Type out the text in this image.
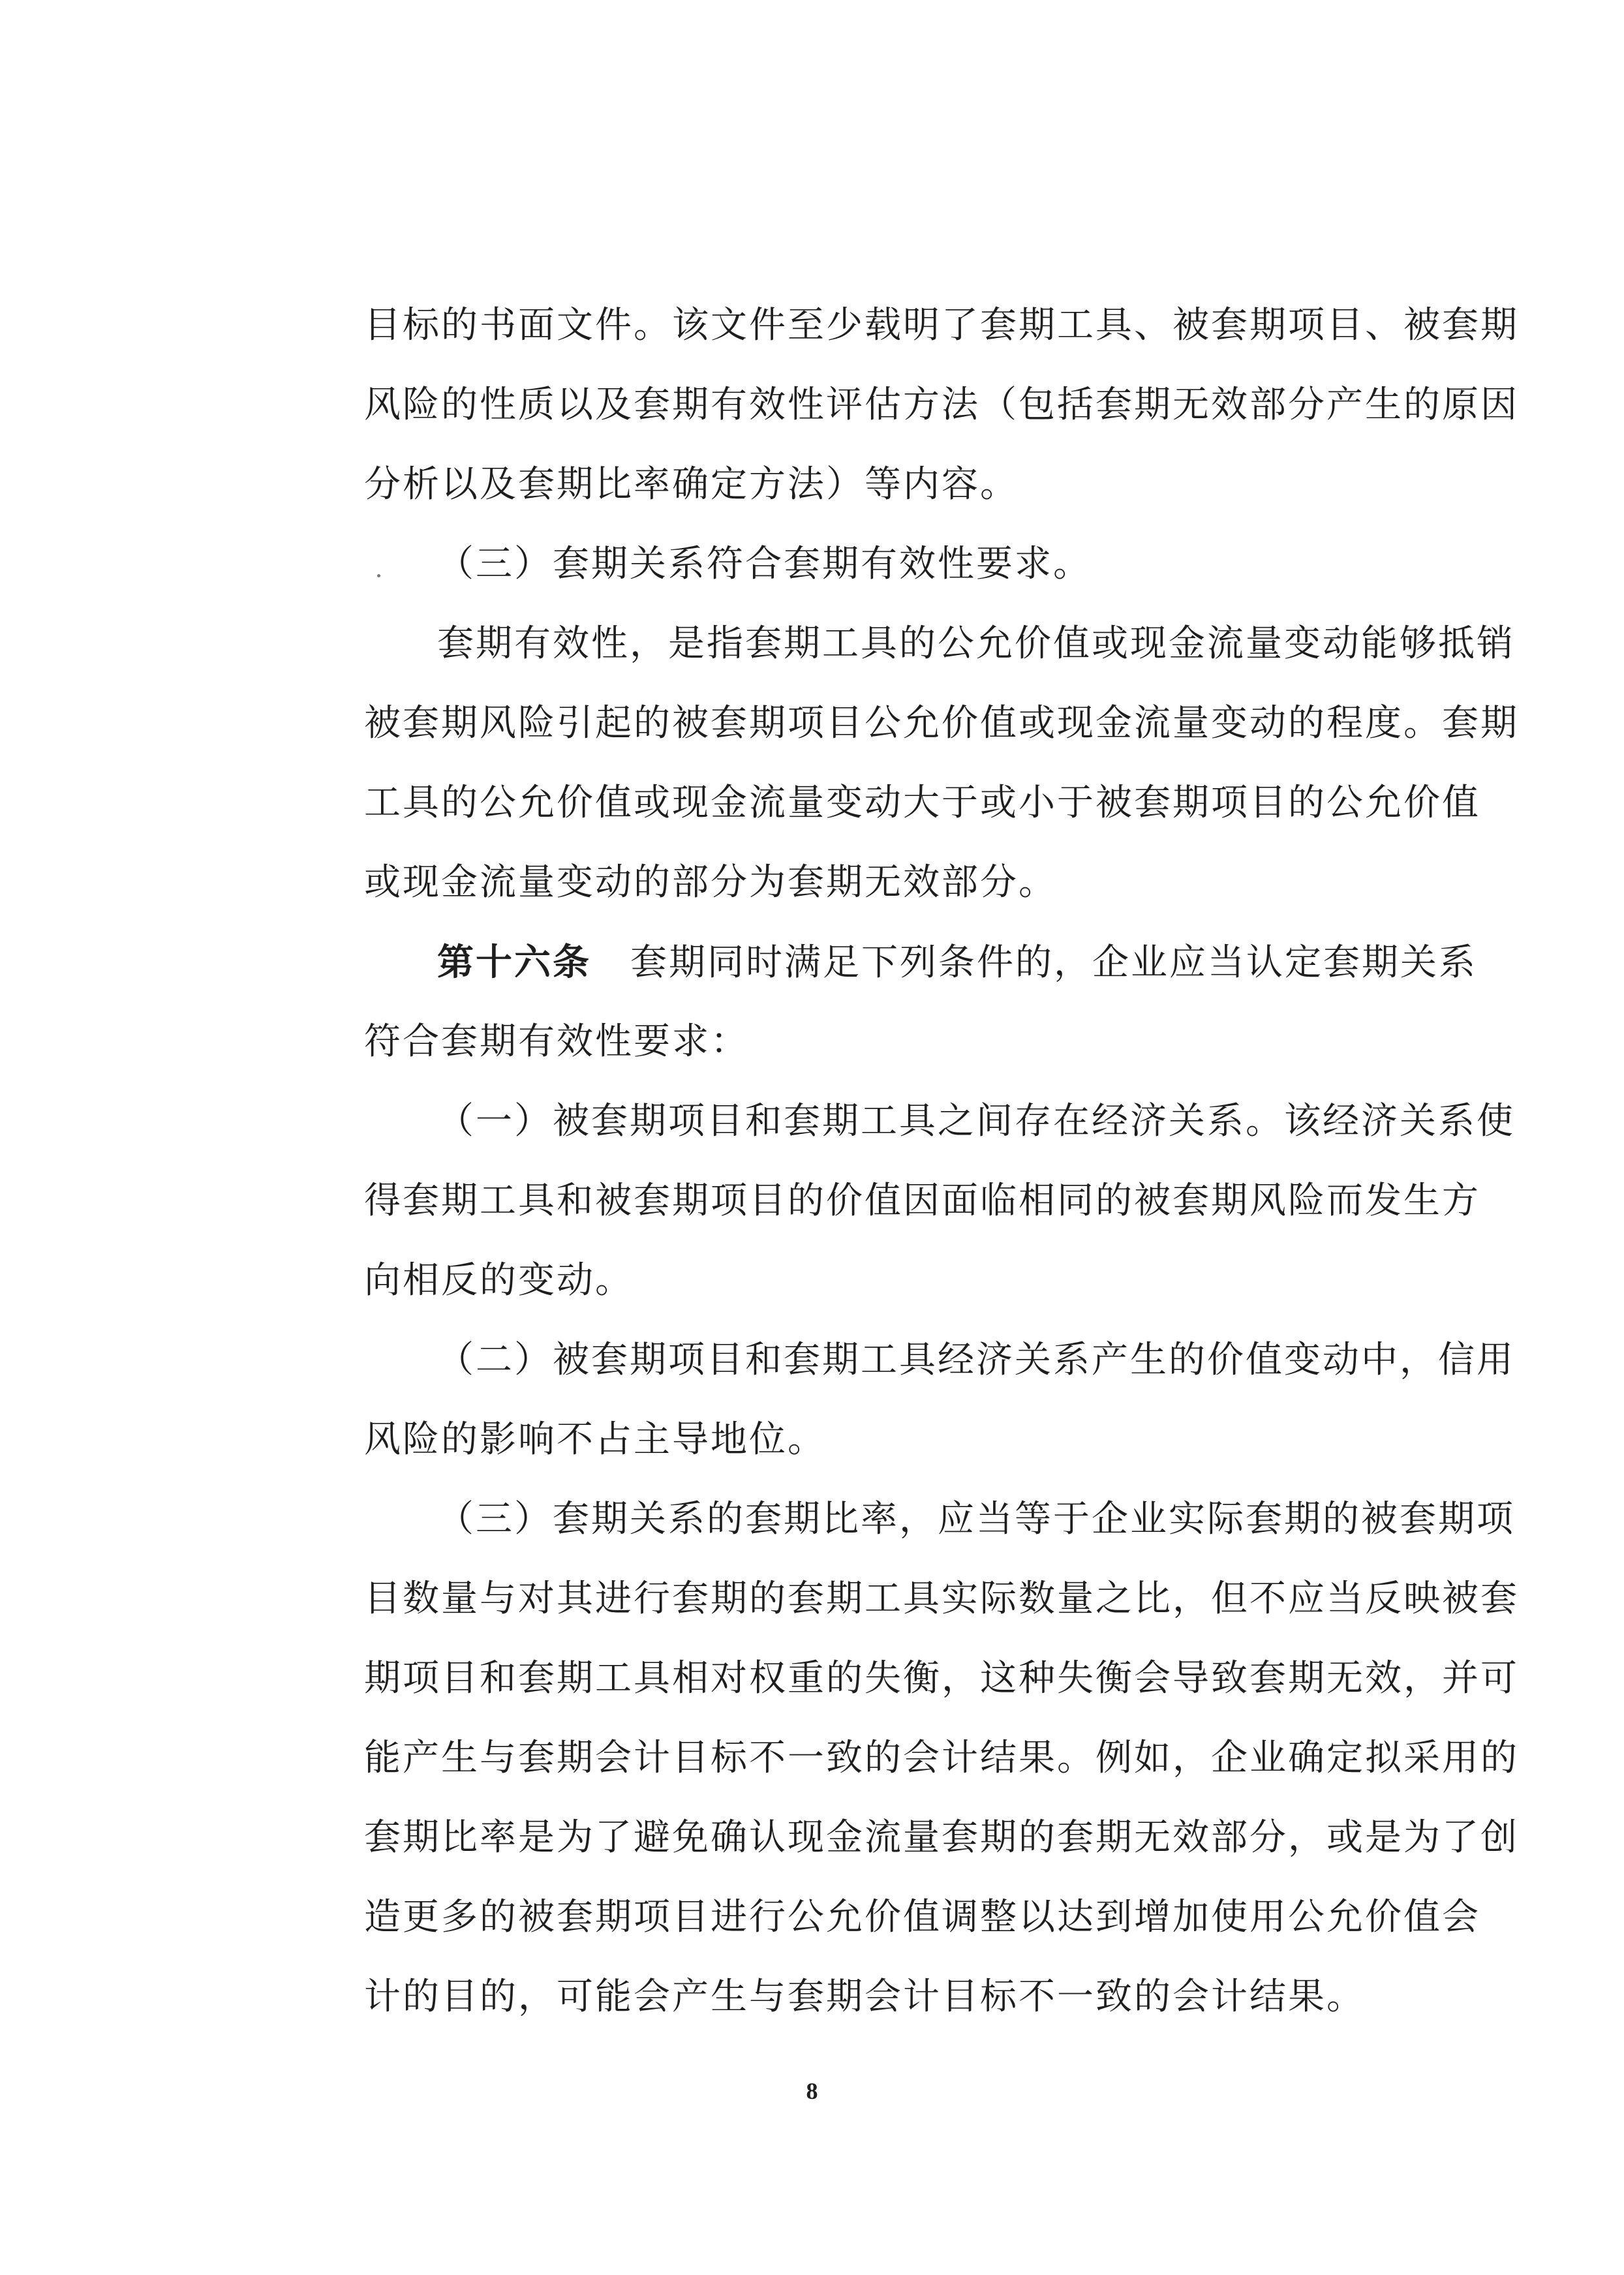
目标的书面文件。该文件至少载明了套期工具、被套期项目、被套期
风险的性质以及套期有效性评估方法（包括套期无效部分产生的原因
分析以及套期比率确定方法）等内容。
（三）套期关系符合套期有效性要求。
套期有效性，是指套期工具的公允价值或现金流量变动能够抵销
被套期风险引起的被套期项目公允价值或现金流量变动的程度。套期
工具的公允价值或现金流量变动大于或小于被套期项目的公允价值
或现金流量变动的部分为套期无效部分。
第十六条 套期同时满足下列条件的，企业应当认定套期关系
符合套期有效性要求：
（一）被套期项目和套期工具之间存在经济关系。该经济关系使
得套期工具和被套期项目的价值因面临相同的被套期风险而发生方
向相反的变动。
（二）被套期项目和套期工具经济关系产生的价值变动中，信用
风险的影响不占主导地位。
（三）套期关系的套期比率，应当等于企业实际套期的被套期项
目数量与对其进行套期的套期工具实际数量之比，但不应当反映被套
期项目和套期工具相对权重的失衡，这种失衡会导致套期无效，并可
能产生与套期会计目标不一致的会计结果。例如，企业确定拟采用的
套期比率是为了避免确认现金流量套期的套期无效部分，或是为了创
造更多的被套期项目进行公允价值调整以达到增加使用公允价值会
计的目的，可能会产生与套期会计目标不一致的会计结果。
8
